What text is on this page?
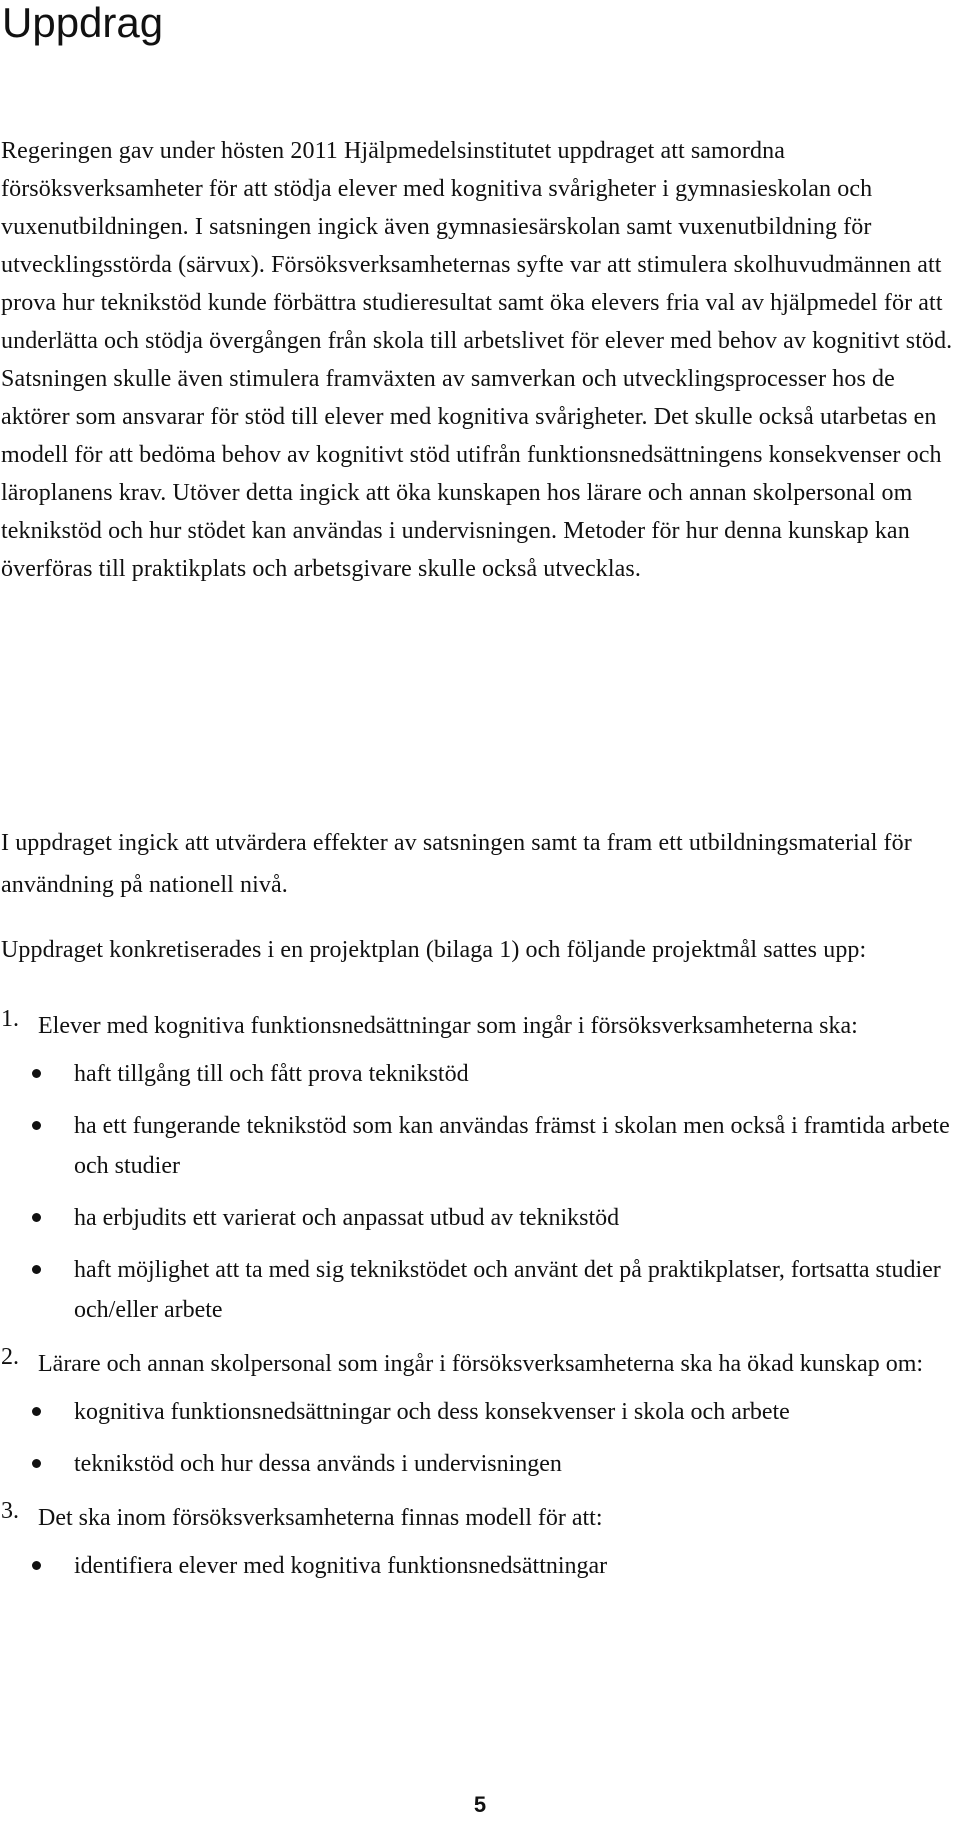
Uppdrag

Regeringen gav under hösten 2011 Hjälpmedelsinstitutet uppdraget att samordna försöksverksamheter för att stödja elever med kognitiva svårigheter i gymnasieskolan och vuxenutbildningen. I satsningen ingick även gymnasiesärskolan samt vuxenutbildning för utvecklingsstörda (särvux). Försöksverksamheternas syfte var att stimulera skolhuvudmännen att prova hur teknikstöd kunde förbättra studieresultat samt öka elevers fria val av hjälpmedel för att underlätta och stödja övergången från skola till arbetslivet för elever med behov av kognitivt stöd. Satsningen skulle även stimulera framväxten av samverkan och utvecklingsprocesser hos de aktörer som ansvarar för stöd till elever med kognitiva svårigheter. Det skulle också utarbetas en modell för att bedöma behov av kognitivt stöd utifrån funktionsnedsättningens konsekvenser och läroplanens krav. Utöver detta ingick att öka kunskapen hos lärare och annan skolpersonal om teknikstöd och hur stödet kan användas i undervisningen. Metoder för hur denna kunskap kan överföras till praktikplats och arbetsgivare skulle också utvecklas.

I uppdraget ingick att utvärdera effekter av satsningen samt ta fram ett utbildningsmaterial för användning på nationell nivå.

Uppdraget konkretiserades i en projektplan (bilaga 1) och följande projektmål sattes upp:

1. Elever med kognitiva funktionsnedsättningar som ingår i försöksverksamheterna ska:
haft tillgång till och fått prova teknikstöd
ha ett fungerande teknikstöd som kan användas främst i skolan men också i framtida arbete och studier
ha erbjudits ett varierat och anpassat utbud av teknikstöd
haft möjlighet att ta med sig teknikstödet och använt det på praktikplatser, fortsatta studier och/eller arbete
2. Lärare och annan skolpersonal som ingår i försöksverksamheterna ska ha ökad kunskap om:
kognitiva funktionsnedsättningar och dess konsekvenser i skola och arbete
teknikstöd och hur dessa används i undervisningen
3. Det ska inom försöksverksamheterna finnas modell för att:
identifiera elever med kognitiva funktionsnedsättningar
5
